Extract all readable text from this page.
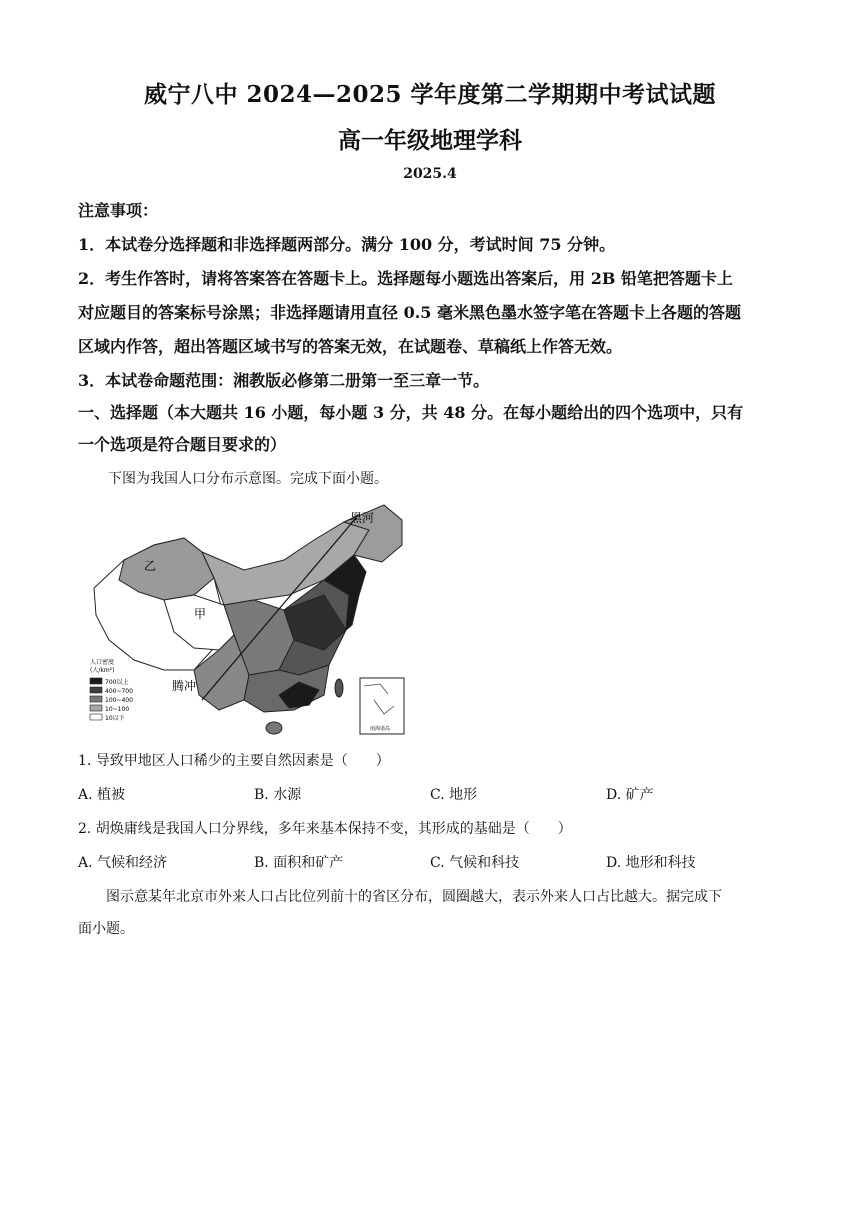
威宁八中 2024—2025 学年度第二学期期中考试试题
高一年级地理学科
2025.4
注意事项：
1．本试卷分选择题和非选择题两部分。满分 100 分，考试时间 75 分钟。
2．考生作答时，请将答案答在答题卡上。选择题每小题选出答案后，用 2B 铅笔把答题卡上
对应题目的答案标号涂黑；非选择题请用直径 0.5 毫米黑色墨水签字笔在答题卡上各题的答题
区域内作答，超出答题区域书写的答案无效，在试题卷、草稿纸上作答无效。
3．本试卷命题范围：湘教版必修第二册第一至三章一节。
一、选择题（本大题共 16 小题，每小题 3 分，共 48 分。在每小题给出的四个选项中，只有
一个选项是符合题目要求的）
下图为我国人口分布示意图。完成下面小题。
南海诸岛
黑河
乙
甲
腾冲
人口密度
(人/km²)
700以上
400~700
100~400
10~100
10以下
1. 导致甲地区人口稀少的主要自然因素是（　　）
A. 植被	B. 水源	C. 地形	D. 矿产
2. 胡焕庸线是我国人口分界线，多年来基本保持不变，其形成的基础是（　　）
A. 气候和经济	B. 面积和矿产	C. 气候和科技	D. 地形和科技
图示意某年北京市外来人口占比位列前十的省区分布，圆圈越大，表示外来人口占比越大。据完成下
面小题。
